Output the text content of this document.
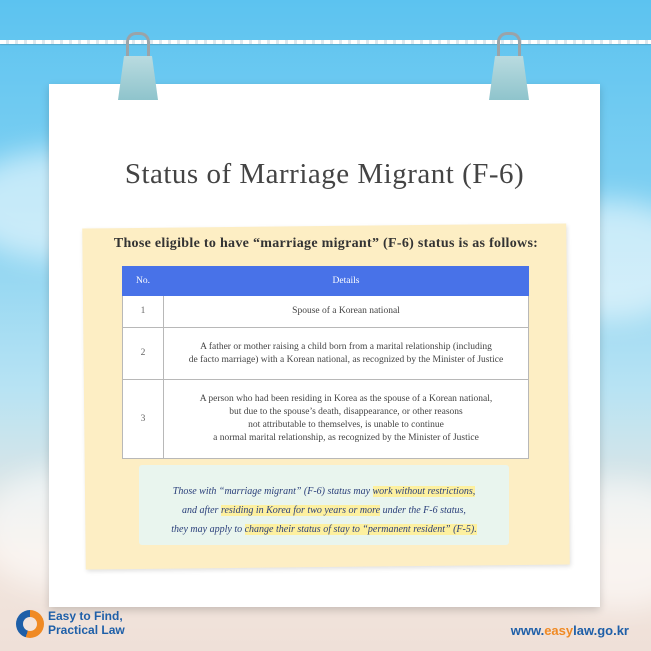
Status of Marriage Migrant (F-6)
Those eligible to have “marriage migrant” (F-6) status is as follows:
No.	Details
1	Spouse of a Korean national
2	A father or mother raising a child born from a marital relationship (including
de facto marriage) with a Korean national, as recognized by the Minister of Justice
3	A person who had been residing in Korea as the spouse of a Korean national,
but due to the spouse’s death, disappearance, or other reasons
not attributable to themselves, is unable to continue
a normal marital relationship, as recognized by the Minister of Justice
Those with “marriage migrant” (F-6) status may work without restrictions,
and after residing in Korea for two years or more under the F-6 status,
they may apply to change their status of stay to “permanent resident” (F-5).
Easy to Find,
Practical Law	www.easylaw.go.kr
